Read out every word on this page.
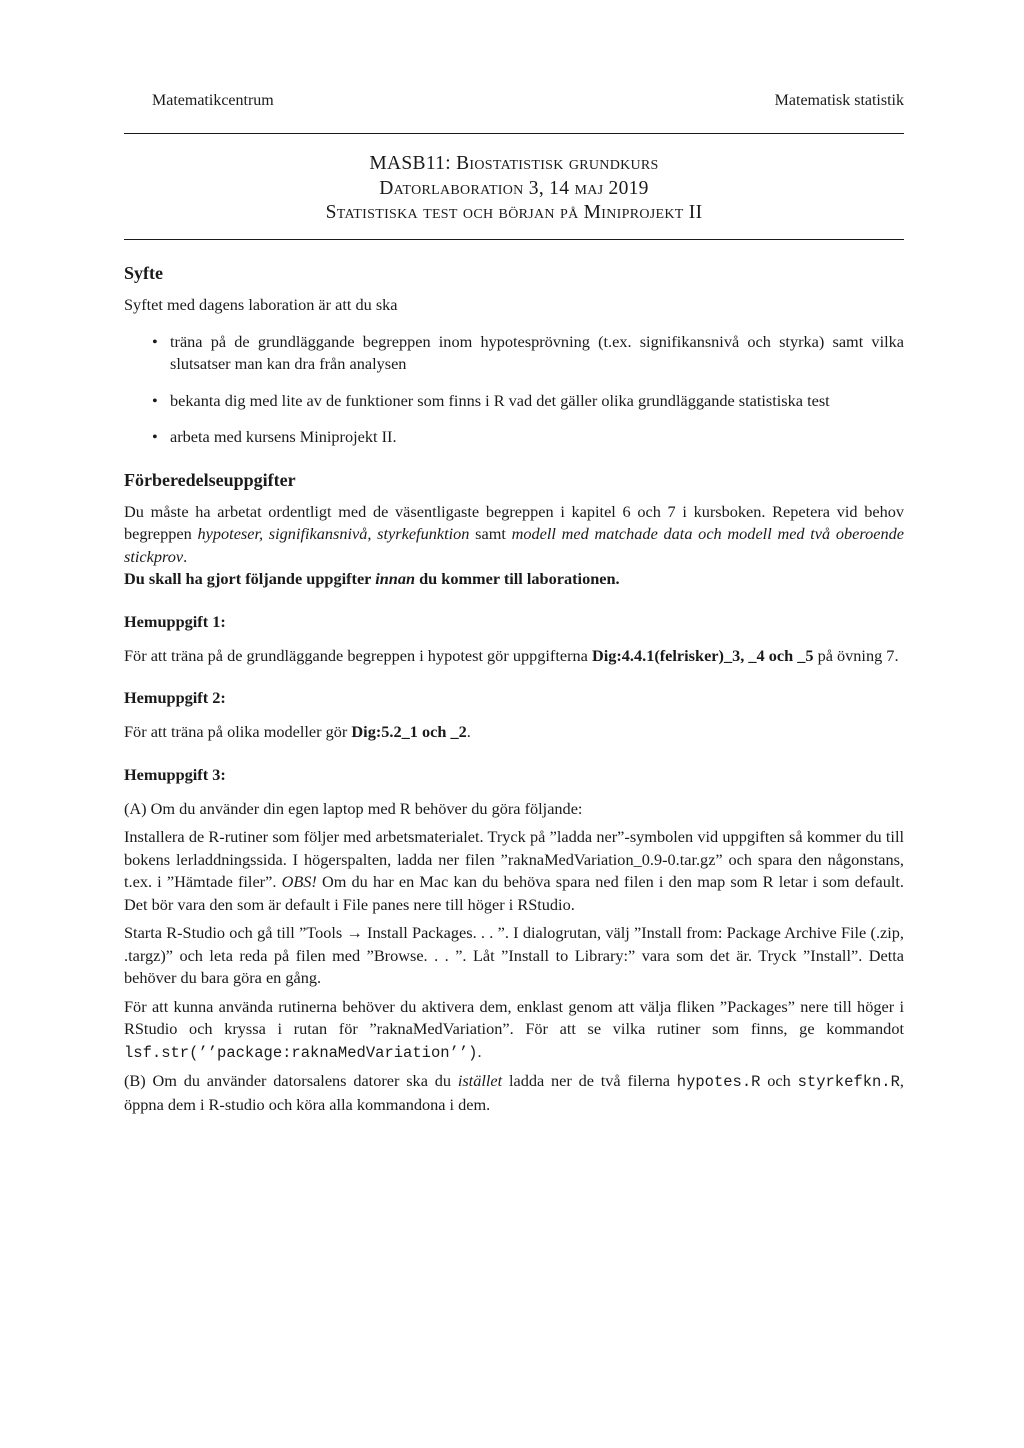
Matematikcentrum	Matematisk statistik
MASB11: Biostatistisk grundkurs
Datorlaboration 3, 14 maj 2019
Statistiska test och början på Miniprojekt II
Syfte

Syftet med dagens laboration är att du ska

• träna på de grundläggande begreppen inom hypotesprövning (t.ex. signifikansnivå och styrka) samt vilka slutsatser man kan dra från analysen
• bekanta dig med lite av de funktioner som finns i R vad det gäller olika grundläggande statistiska test
• arbeta med kursens Miniprojekt II.
Förberedelseuppgifter

Du måste ha arbetat ordentligt med de väsentligaste begreppen i kapitel 6 och 7 i kursboken. Repetera vid behov begreppen hypoteser, signifikansnivå, styrkefunktion samt modell med matchade data och modell med två oberoende stickprov.

Du skall ha gjort följande uppgifter innan du kommer till laborationen.

Hemuppgift 1:

För att träna på de grundläggande begreppen i hypotest gör uppgifterna Dig:4.4.1(felrisker)_3, _4 och _5 på övning 7.

Hemuppgift 2:

För att träna på olika modeller gör Dig:5.2_1 och _2.

Hemuppgift 3:

(A) Om du använder din egen laptop med R behöver du göra följande:

Installera de R-rutiner som följer med arbetsmaterialet. Tryck på ”ladda ner”-symbolen vid uppgiften så kommer du till bokens lerladdningssida. I högerspalten, ladda ner filen ”raknaMedVariation_0.9-0.tar.gz” och spara den någonstans, t.ex. i ”Hämtade filer”. OBS! Om du har en Mac kan du behöva spara ned filen i den map som R letar i som default. Det bör vara den som är default i File panes nere till höger i RStudio.

Starta R-Studio och gå till ”Tools → Install Packages. . . ”. I dialogrutan, välj ”Install from: Package Archive File (.zip, .targz)” och leta reda på filen med ”Browse. . . ”. Låt ”Install to Library:” vara som det är. Tryck ”Install”. Detta behöver du bara göra en gång.

För att kunna använda rutinerna behöver du aktivera dem, enklast genom att välja fliken ”Packages” nere till höger i RStudio och kryssa i rutan för ”raknaMedVariation”. För att se vilka rutiner som finns, ge kommandot lsf.str(’’package:raknaMedVariation’’).

(B) Om du använder datorsalens datorer ska du istället ladda ner de två filerna hypotes.R och styrkefkn.R, öppna dem i R-studio och köra alla kommandona i dem.
